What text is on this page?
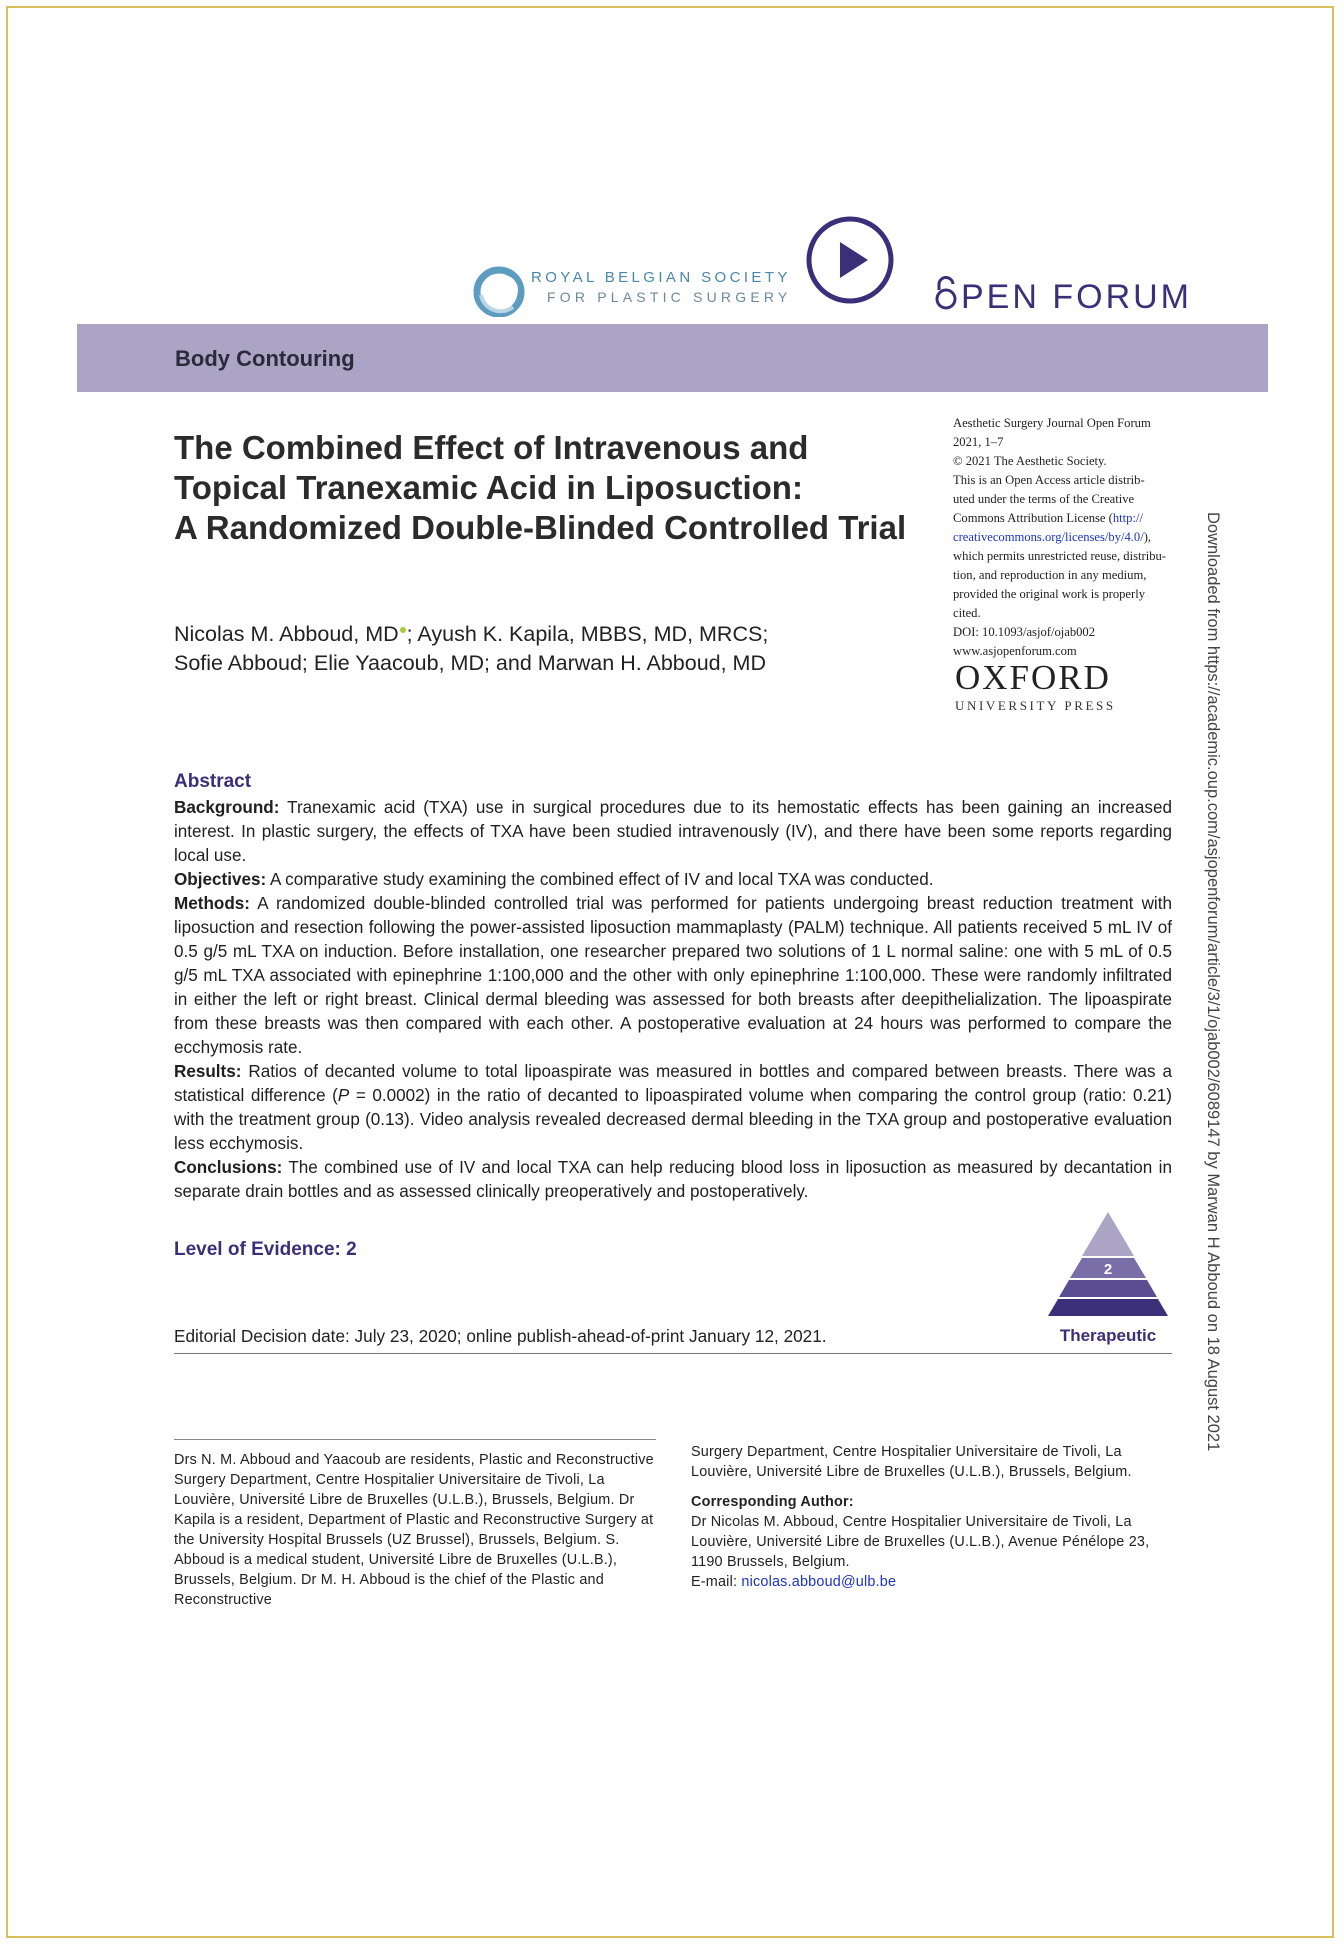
ROYAL BELGIAN SOCIETY
FOR PLASTIC SURGERY	PEN FORUM
Body Contouring
The Combined Effect of Intravenous and
Topical Tranexamic Acid in Liposuction:
A Randomized Double-Blinded Controlled Trial
Nicolas M. Abboud, MD ; Ayush K. Kapila, MBBS, MD, MRCS;
Sofie Abboud; Elie Yaacoub, MD; and Marwan H. Abboud, MD
Aesthetic Surgery Journal Open Forum
2021, 1–7
© 2021 The Aesthetic Society.
This is an Open Access article distrib-
uted under the terms of the Creative
Commons Attribution License (http://
creativecommons.org/licenses/by/4.0/),
which permits unrestricted reuse, distribu-
tion, and reproduction in any medium,
provided the original work is properly
cited.
DOI: 10.1093/asjof/ojab002
www.asjopenforum.com
OXFORD
UNIVERSITY PRESS	Downloaded from https://academic.oup.com/asjopenforum/article/3/1/ojab002/6089147 by Marwan H Abboud on 18 August 2021
Abstract

Background: Tranexamic acid (TXA) use in surgical procedures due to its hemostatic effects has been gaining an increased interest. In plastic surgery, the effects of TXA have been studied intravenously (IV), and there have been some reports regarding local use.

Objectives: A comparative study examining the combined effect of IV and local TXA was conducted.

Methods: A randomized double-blinded controlled trial was performed for patients undergoing breast reduction treatment with liposuction and resection following the power-assisted liposuction mammaplasty (PALM) technique. All patients received 5 mL IV of 0.5 g/5 mL TXA on induction. Before installation, one researcher prepared two solutions of 1 L normal saline: one with 5 mL of 0.5 g/5 mL TXA associated with epinephrine 1:100,000 and the other with only epinephrine 1:100,000. These were randomly infiltrated in either the left or right breast. Clinical dermal bleeding was assessed for both breasts after deepithelialization. The lipoaspirate from these breasts was then compared with each other. A postoperative evaluation at 24 hours was performed to compare the ecchymosis rate.

Results: Ratios of decanted volume to total lipoaspirate was measured in bottles and compared between breasts. There was a statistical difference (P = 0.0002) in the ratio of decanted to lipoaspirated volume when comparing the control group (ratio: 0.21) with the treatment group (0.13). Video analysis revealed decreased dermal bleeding in the TXA group and postoperative evaluation less ecchymosis.

Conclusions: The combined use of IV and local TXA can help reducing blood loss in liposuction as measured by decantation in separate drain bottles and as assessed clinically preoperatively and postoperatively.

Level of Evidence: 2
2
Therapeutic
Editorial Decision date: July 23, 2020; online publish-ahead-of-print January 12, 2021.
Drs N. M. Abboud and Yaacoub are residents, Plastic and Reconstructive Surgery Department, Centre Hospitalier Universitaire de Tivoli, La Louvière, Université Libre de Bruxelles (U.L.B.), Brussels, Belgium. Dr Kapila is a resident, Department of Plastic and Reconstructive Surgery at the University Hospital Brussels (UZ Brussel), Brussels, Belgium. S. Abboud is a medical student, Université Libre de Bruxelles (U.L.B.), Brussels, Belgium. Dr M. H. Abboud is the chief of the Plastic and Reconstructive
Surgery Department, Centre Hospitalier Universitaire de Tivoli, La Louvière, Université Libre de Bruxelles (U.L.B.), Brussels, Belgium.
Corresponding Author:
Dr Nicolas M. Abboud, Centre Hospitalier Universitaire de Tivoli, La Louvière, Université Libre de Bruxelles (U.L.B.), Avenue Pénélope 23, 1190 Brussels, Belgium.
E-mail: nicolas.abboud@ulb.be
